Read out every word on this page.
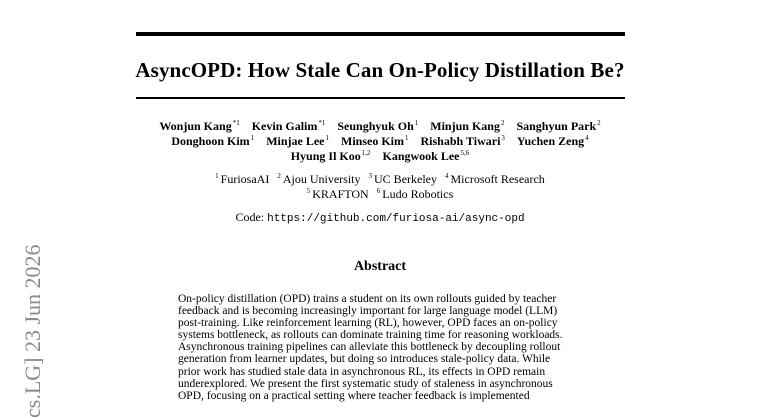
AsyncOPD: How Stale Can On-Policy Distillation Be?
Wonjun Kang$^{*1}$ Kevin Galim$^{*1}$ Seunghyuk Oh$^1$ Minjun Kang$^2$ Sanghyun Park$^2$
Donghoon Kim$^1$ Minjae Lee$^1$ Minseo Kim$^1$ Rishabh Tiwari$^3$ Yuchen Zeng$^4$
Hyung Il Koo$^{1,2}$ Kangwook Lee$^{5,6}$
$^1$ FuriosaAI $^2$ Ajou University $^3$ UC Berkeley $^4$ Microsoft Research
$^5$ KRAFTON $^6$ Ludo Robotics
Code: https://github.com/furiosa-ai/async-opd
Abstract
On-policy distillation (OPD) trains a student on its own rollouts guided by teacher
feedback and is becoming increasingly important for large language model (LLM)
post-training. Like reinforcement learning (RL), however, OPD faces an on-policy
systems bottleneck, as rollouts can dominate training time for reasoning workloads.
Asynchronous training pipelines can alleviate this bottleneck by decoupling rollout
generation from learner updates, but doing so introduces stale-policy data. While
prior work has studied stale data in asynchronous RL, its effects in OPD remain
underexplored. We present the first systematic study of staleness in asynchronous
OPD, focusing on a practical setting where teacher feedback is implemented
cs.LG] 23 Jun 2026
